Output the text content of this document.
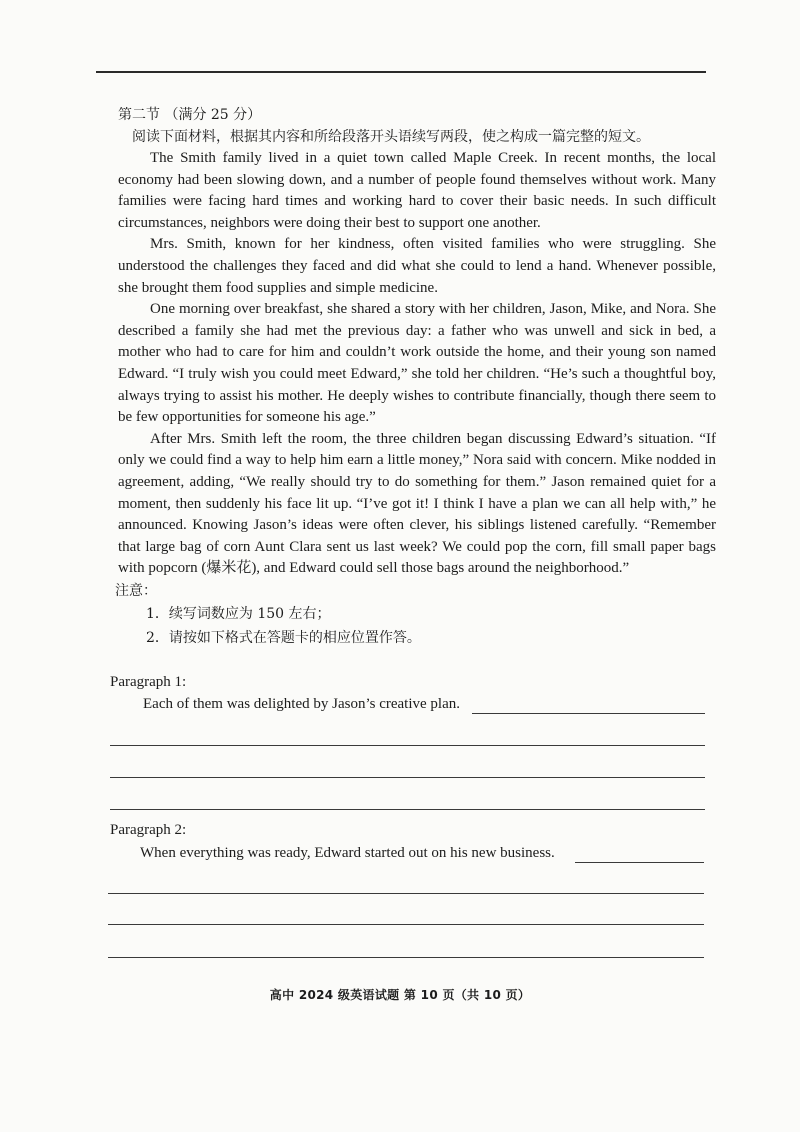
第二节 （满分 25 分）
阅读下面材料，根据其内容和所给段落开头语续写两段，使之构成一篇完整的短文。

The Smith family lived in a quiet town called Maple Creek. In recent months, the local economy had been slowing down, and a number of people found themselves without work. Many families were facing hard times and working hard to cover their basic needs. In such difficult circumstances, neighbors were doing their best to support one another.

Mrs. Smith, known for her kindness, often visited families who were struggling. She understood the challenges they faced and did what she could to lend a hand. Whenever possible, she brought them food supplies and simple medicine.

One morning over breakfast, she shared a story with her children, Jason, Mike, and Nora. She described a family she had met the previous day: a father who was unwell and sick in bed, a mother who had to care for him and couldn’t work outside the home, and their young son named Edward. “I truly wish you could meet Edward,” she told her children. “He’s such a thoughtful boy, always trying to assist his mother. He deeply wishes to contribute financially, though there seem to be few opportunities for someone his age.”

After Mrs. Smith left the room, the three children began discussing Edward’s situation. “If only we could find a way to help him earn a little money,” Nora said with concern. Mike nodded in agreement, adding, “We really should try to do something for them.” Jason remained quiet for a moment, then suddenly his face lit up. “I’ve got it! I think I have a plan we can all help with,” he announced. Knowing Jason’s ideas were often clever, his siblings listened carefully. “Remember that large bag of corn Aunt Clara sent us last week? We could pop the corn, fill small paper bags with popcorn (爆米花), and Edward could sell those bags around the neighborhood.”

注意：
1．续写词数应为 150 左右；
2．请按如下格式在答题卡的相应位置作答。
Paragraph 1:
Each of them was delighted by Jason’s creative plan.
Paragraph 2:
When everything was ready, Edward started out on his new business.
高中 2024 级英语试题 第 10 页（共 10 页）
